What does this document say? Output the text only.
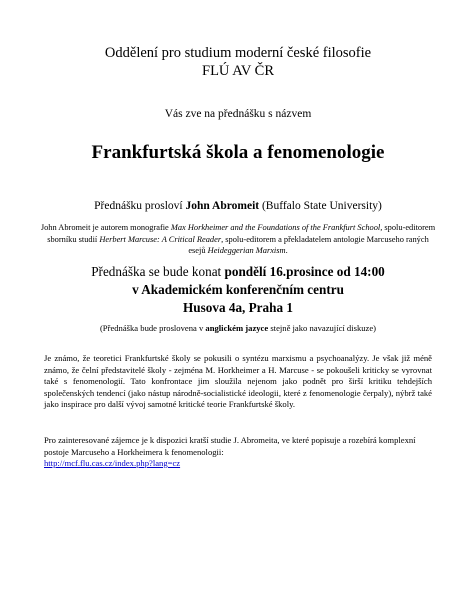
Oddělení pro studium moderní české filosofie
FLÚ AV ČR
Vás zve na přednášku s názvem
Frankfurtská škola a fenomenologie
Přednášku prosloví John Abromeit (Buffalo State University)
John Abromeit je autorem monografie Max Horkheimer and the Foundations of the Frankfurt School, spolu-editorem sborníku studií Herbert Marcuse: A Critical Reader, spolu-editorem a překladatelem antologie Marcuseho raných esejů Heideggerian Marxism.
Přednáška se bude konat pondělí 16.prosince od 14:00
v Akademickém konferenčním centru
Husova 4a, Praha 1
(Přednáška bude proslovena v anglickém jazyce stejně jako navazující diskuze)
Je známo, že teoretici Frankfurtské školy se pokusili o syntézu marxismu a psychoanalýzy. Je však již méně známo, že čelní představitelé školy - zejména M. Horkheimer a H. Marcuse - se pokoušeli kriticky se vyrovnat také s fenomenologií. Tato konfrontace jim sloužila nejenom jako podnět pro širší kritiku tehdejších společenských tendencí (jako nástup národně-socialistické ideologii, které z fenomenologie čerpaly), nýbrž také jako inspirace pro další vývoj samotné kritické teorie Frankfurtské školy.
Pro zainteresované zájemce je k dispozici kratší studie J. Abromeita, ve které popisuje a rozebírá komplexní postoje Marcuseho a Horkheimera k fenomenologii:
http://mcf.flu.cas.cz/index.php?lang=cz
